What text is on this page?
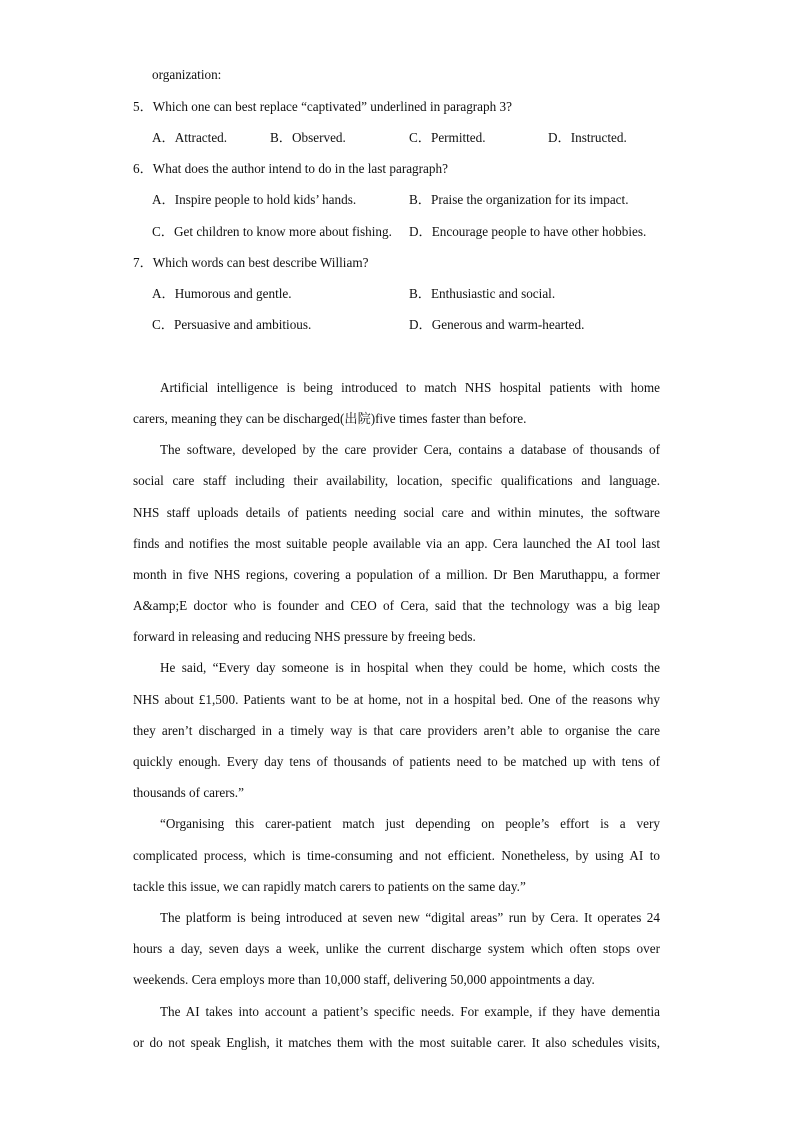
organization:
5．Which one can best replace “captivated” underlined in paragraph 3?
A．Attracted.	B．Observed.	C．Permitted.	D．Instructed.
6．What does the author intend to do in the last paragraph?
A．Inspire people to hold kids’ hands.	B．Praise the organization for its impact.
C．Get children to know more about fishing. D．Encourage people to have other hobbies.
7．Which words can best describe William?
A．Humorous and gentle.	B．Enthusiastic and social.
C．Persuasive and ambitious.	D．Generous and warm-hearted.
Artificial intelligence is being introduced to match NHS hospital patients with home
carers, meaning they can be discharged(出院)five times faster than before.
The software, developed by the care provider Cera, contains a database of thousands of
social care staff including their availability, location, specific qualifications and language.
NHS staff uploads details of patients needing social care and within minutes, the software
finds and notifies the most suitable people available via an app. Cera launched the AI tool last
month in five NHS regions, covering a population of a million. Dr Ben Maruthappu, a former
A&amp;E doctor who is founder and CEO of Cera, said that the technology was a big leap
forward in releasing and reducing NHS pressure by freeing beds.
He said, “Every day someone is in hospital when they could be home, which costs the
NHS about £1,500. Patients want to be at home, not in a hospital bed. One of the reasons why
they aren’t discharged in a timely way is that care providers aren’t able to organise the care
quickly enough. Every day tens of thousands of patients need to be matched up with tens of
thousands of carers.”
“Organising this carer-patient match just depending on people’s effort is a very
complicated process, which is time-consuming and not efficient. Nonetheless, by using AI to
tackle this issue, we can rapidly match carers to patients on the same day.”
The platform is being introduced at seven new “digital areas” run by Cera. It operates 24
hours a day, seven days a week, unlike the current discharge system which often stops over
weekends. Cera employs more than 10,000 staff, delivering 50,000 appointments a day.
The AI takes into account a patient’s specific needs. For example, if they have dementia
or do not speak English, it matches them with the most suitable carer. It also schedules visits,
